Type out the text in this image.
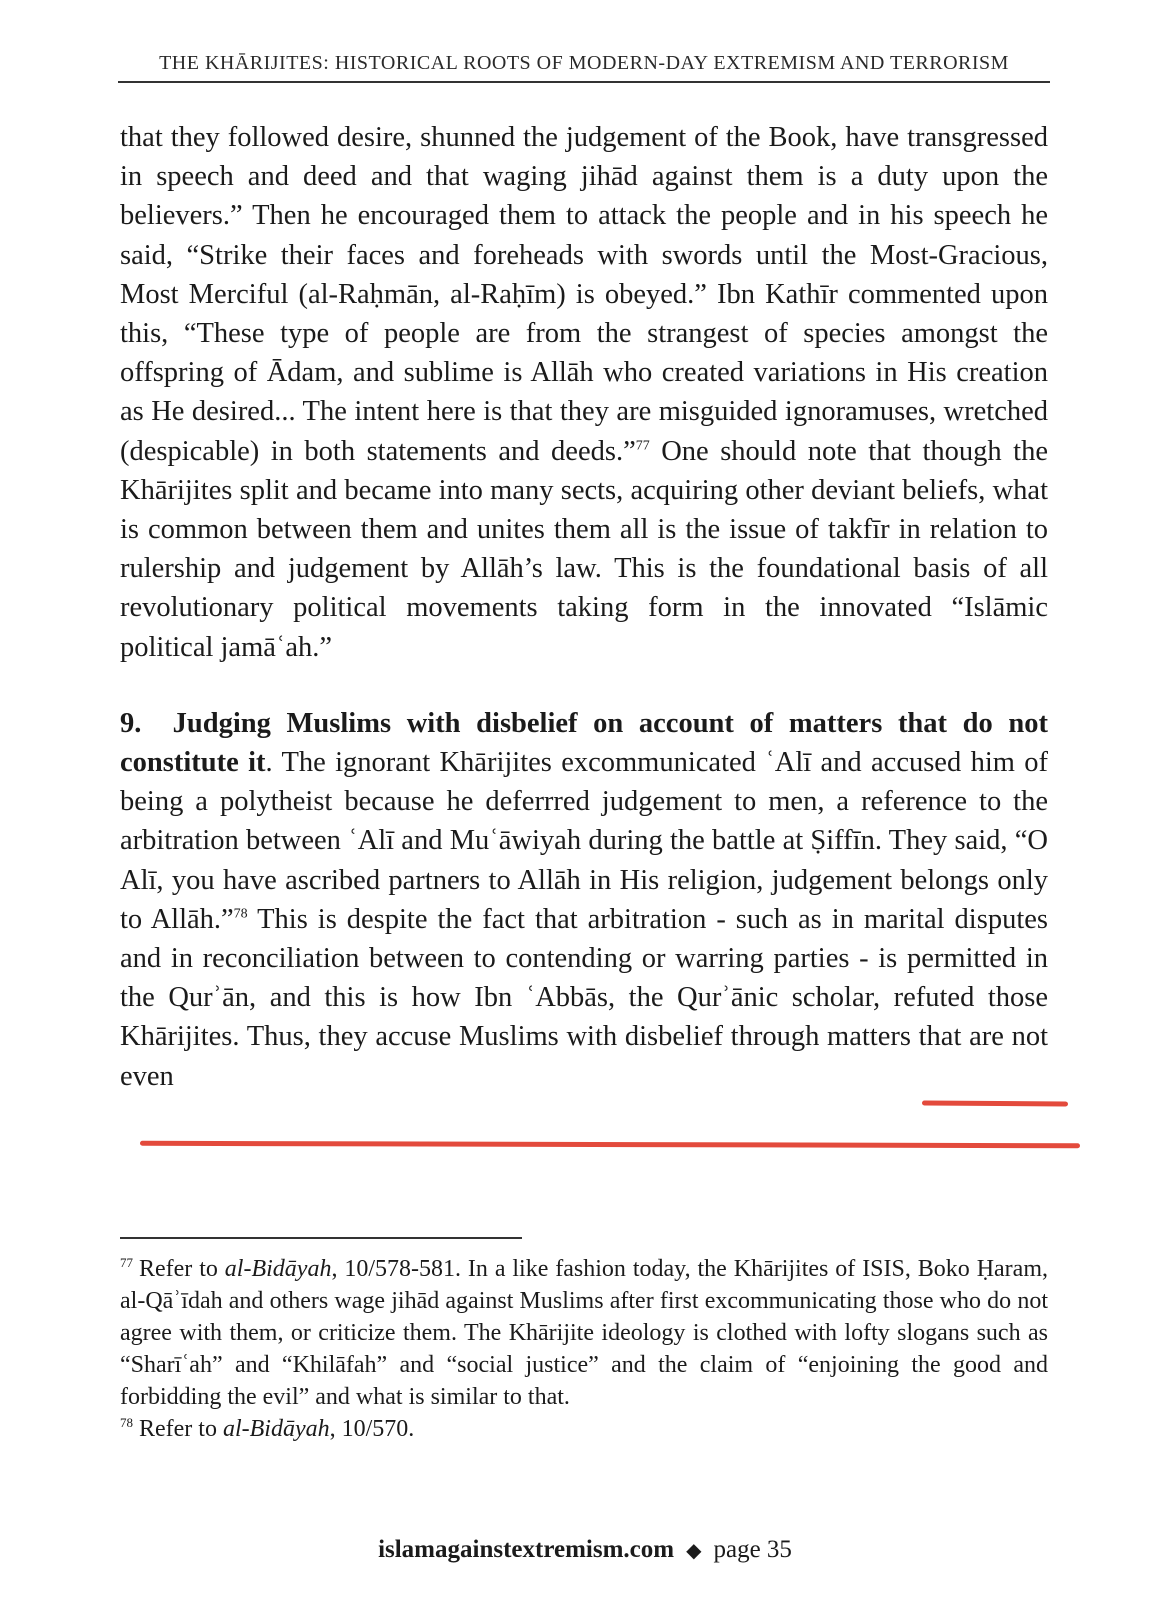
THE KHĀRIJITES: HISTORICAL ROOTS OF MODERN-DAY EXTREMISM AND TERRORISM

that they followed desire, shunned the judgement of the Book, have transgressed in speech and deed and that waging jihād against them is a duty upon the believers.” Then he encouraged them to attack the people and in his speech he said, “Strike their faces and foreheads with swords until the Most-Gracious, Most Merciful (al-Raḥmān, al-Raḥīm) is obeyed.” Ibn Kathīr commented upon this, “These type of people are from the strangest of species amongst the offspring of Ādam, and sublime is Allāh who created variations in His creation as He desired... The intent here is that they are misguided ignoramuses, wretched (despicable) in both statements and deeds.”$^{77}$ One should note that though the Khārijites split and became into many sects, acquiring other deviant beliefs, what is common between them and unites them all is the issue of takfīr in relation to rulership and judgement by Allāh’s law. This is the foundational basis of all revolutionary political movements taking form in the innovated “Islāmic political jamāʿah.”

9. Judging Muslims with disbelief on account of matters that do not constitute it. The ignorant Khārijites excommunicated ʿAlī and accused him of being a polytheist because he deferrred judgement to men, a reference to the arbitration between ʿAlī and Muʿāwiyah during the battle at Ṣiffīn. They said, “O Alī, you have ascribed partners to Allāh in His religion, judgement belongs only to Allāh.”$^{78}$ This is despite the fact that arbitration - such as in marital disputes and in reconciliation between to contending or warring parties - is permitted in the Qurʾān, and this is how Ibn ʿAbbās, the Qurʾānic scholar, refuted those Khārijites. Thus, they accuse Muslims with disbelief through matters that are not even

$^{77}$ Refer to al-Bidāyah, 10/578-581. In a like fashion today, the Khārijites of ISIS, Boko Ḥaram, al-Qāʾīdah and others wage jihād against Muslims after first excommunicating those who do not agree with them, or criticize them. The Khārijite ideology is clothed with lofty slogans such as “Sharīʿah” and “Khilāfah” and “social justice” and the claim of “enjoining the good and forbidding the evil” and what is similar to that.

$^{78}$ Refer to al-Bidāyah, 10/570.

islamagainstextremism.com ◆ page 35
